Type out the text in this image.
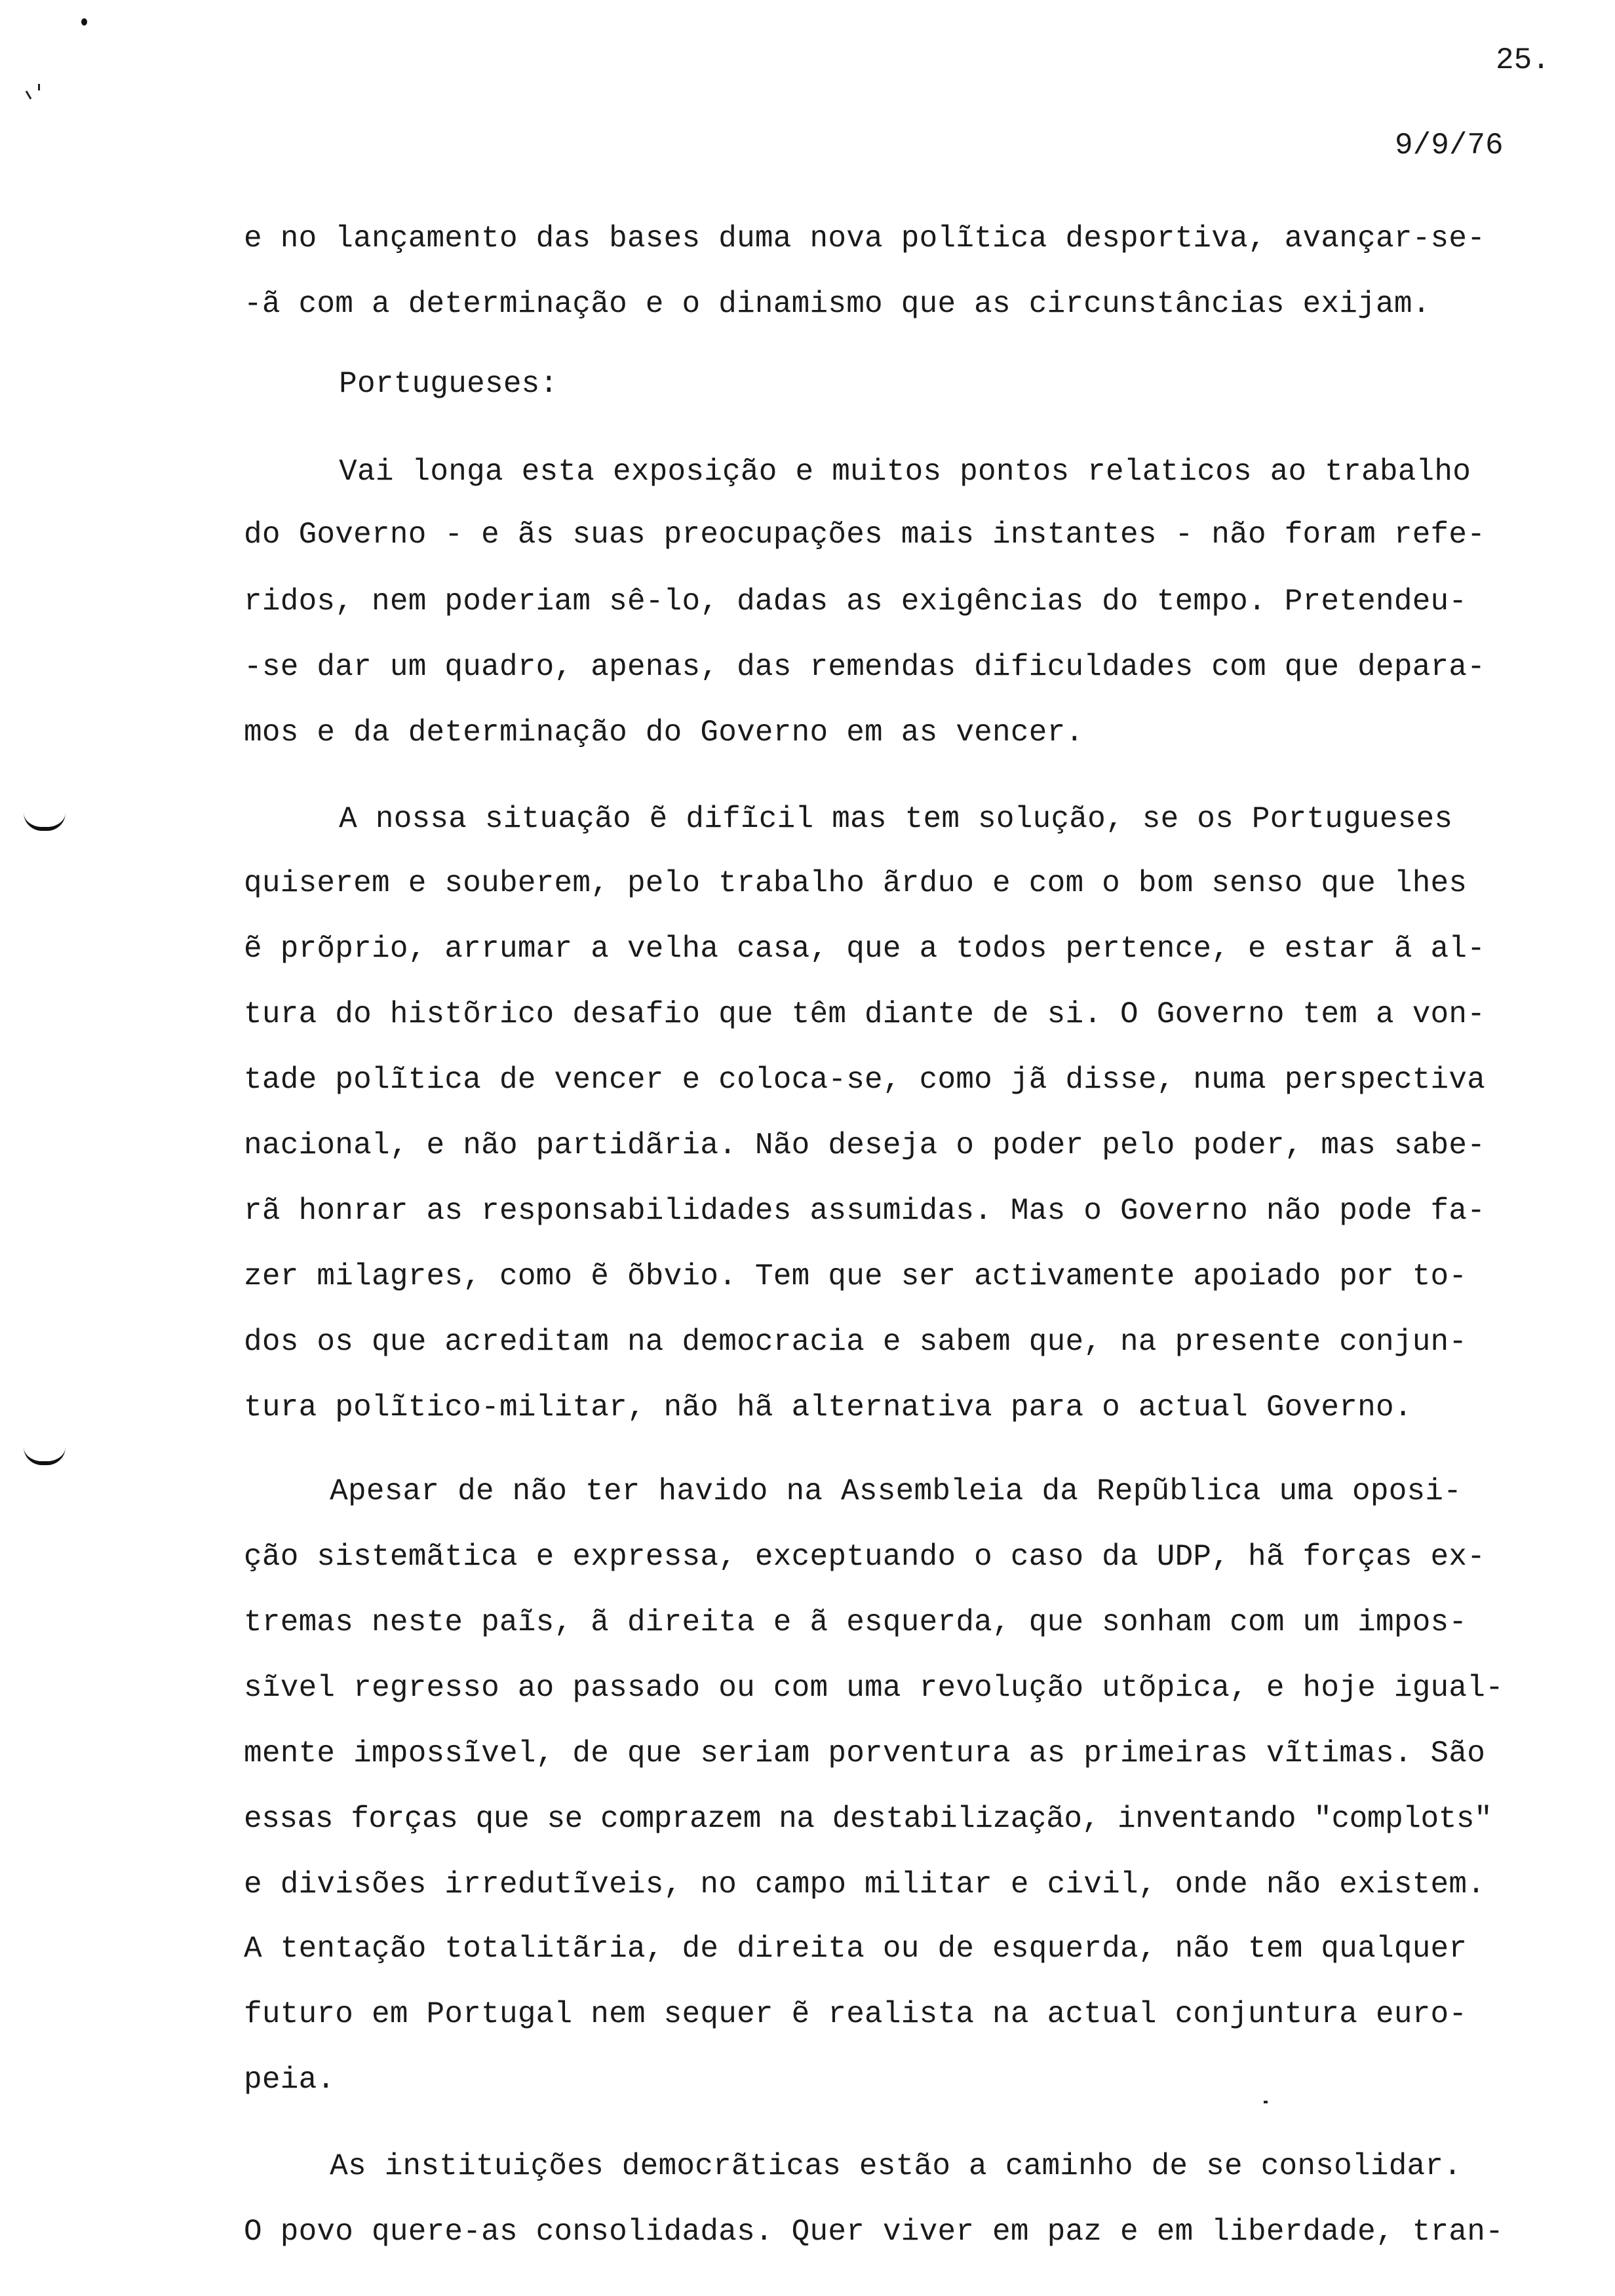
25.
9/9/76
e no lançamento das bases duma nova polĩtica desportiva, avançar-se-
-ã com a determinação e o dinamismo que as circunstâncias exijam.
Portugueses:
Vai longa esta exposição e muitos pontos relaticos ao trabalho
do Governo - e ãs suas preocupações mais instantes - não foram refe-
ridos, nem poderiam sê-lo, dadas as exigências do tempo. Pretendeu-
-se dar um quadro, apenas, das remendas dificuldades com que depara-
mos e da determinação do Governo em as vencer.
A nossa situação ẽ difĩcil mas tem solução, se os Portugueses
quiserem e souberem, pelo trabalho ãrduo e com o bom senso que lhes
ẽ prõprio, arrumar a velha casa, que a todos pertence, e estar ã al-
tura do histõrico desafio que têm diante de si. O Governo tem a von-
tade polĩtica de vencer e coloca-se, como jã disse, numa perspectiva
nacional, e não partidãria. Não deseja o poder pelo poder, mas sabe-
rã honrar as responsabilidades assumidas. Mas o Governo não pode fa-
zer milagres, como ẽ õbvio. Tem que ser activamente apoiado por to-
dos os que acreditam na democracia e sabem que, na presente conjun-
tura polĩtico-militar, não hã alternativa para o actual Governo.
Apesar de não ter havido na Assembleia da Repũblica uma oposi-
ção sistemãtica e expressa, exceptuando o caso da UDP, hã forças ex-
tremas neste paĩs, ã direita e ã esquerda, que sonham com um impos-
sĩvel regresso ao passado ou com uma revolução utõpica, e hoje igual-
mente impossĩvel, de que seriam porventura as primeiras vĩtimas. São
essas forças que se comprazem na destabilização, inventando "complots"
e divisões irredutĩveis, no campo militar e civil, onde não existem.
A tentação totalitãria, de direita ou de esquerda, não tem qualquer
futuro em Portugal nem sequer ẽ realista na actual conjuntura euro-
peia.
As instituições democrãticas estão a caminho de se consolidar.
O povo quere-as consolidadas. Quer viver em paz e em liberdade, tran-
